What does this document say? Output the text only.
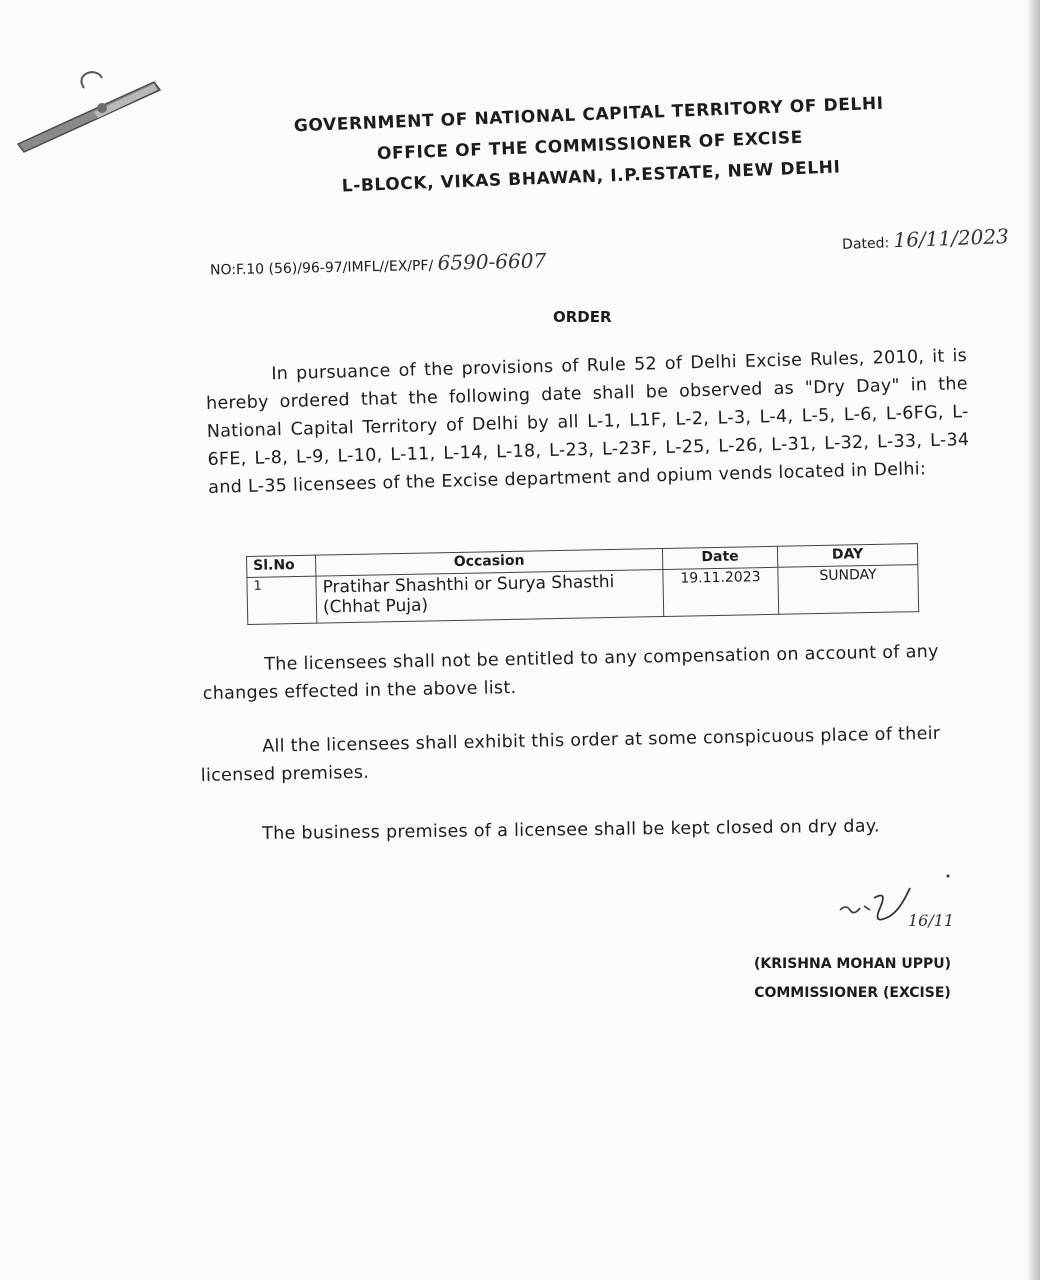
GOVERNMENT OF NATIONAL CAPITAL TERRITORY OF DELHI
OFFICE OF THE COMMISSIONER OF EXCISE
L-BLOCK, VIKAS BHAWAN, I.P.ESTATE, NEW DELHI
NO:F.10 (56)/96-97/IMFL//EX/PF/ 6590-6607
Dated: 16/11/2023
ORDER
In pursuance of the provisions of Rule 52 of Delhi Excise Rules, 2010, it is hereby ordered that the following date shall be observed as "Dry Day" in the National Capital Territory of Delhi by all L-1, L1F, L-2, L-3, L-4, L-5, L-6, L-6FG, L-6FE, L-8, L-9, L-10, L-11, L-14, L-18, L-23, L-23F, L-25, L-26, L-31, L-32, L-33, L-34 and L-35 licensees of the Excise department and opium vends located in Delhi:
Sl.No	Occasion	Date	DAY
1	Pratihar Shashthi or Surya Shasthi (Chhat Puja)	19.11.2023	SUNDAY
The licensees shall not be entitled to any compensation on account of any changes effected in the above list.
All the licensees shall exhibit this order at some conspicuous place of their licensed premises.
The business premises of a licensee shall be kept closed on dry day.
16/11
(KRISHNA MOHAN UPPU)
COMMISSIONER (EXCISE)
